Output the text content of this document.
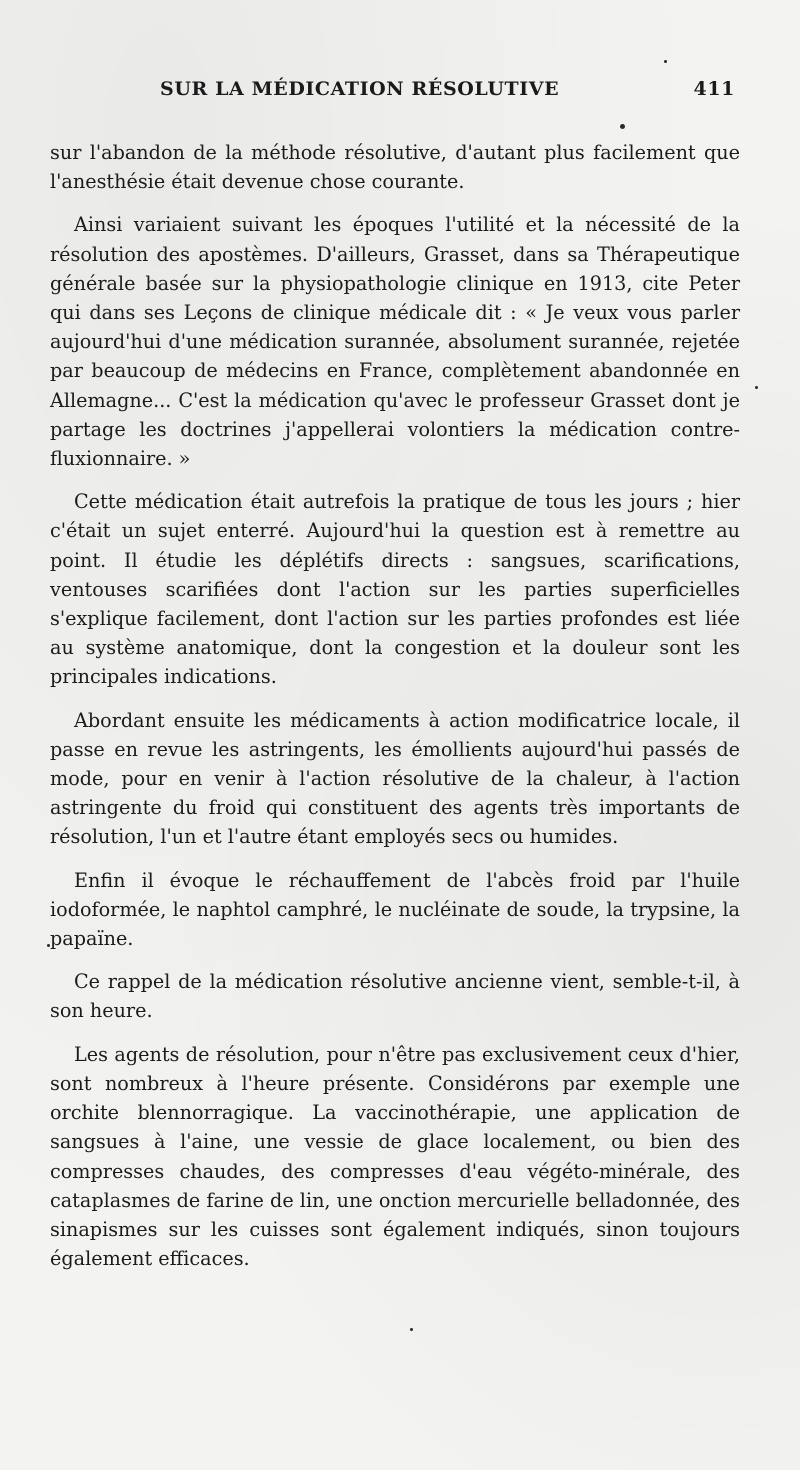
SUR LA MÉDICATION RÉSOLUTIVE	411

sur l'abandon de la méthode résolutive, d'autant plus facilement que l'anesthésie était devenue chose courante.

Ainsi variaient suivant les époques l'utilité et la nécessité de la résolution des apostèmes. D'ailleurs, Grasset, dans sa Thérapeutique générale basée sur la physiopathologie clinique en 1913, cite Peter qui dans ses Leçons de clinique médicale dit : « Je veux vous parler aujourd'hui d'une médication surannée, absolument surannée, rejetée par beaucoup de médecins en France, complètement abandonnée en Allemagne... C'est la médication qu'avec le professeur Grasset dont je partage les doctrines j'appellerai volontiers la médication contre-fluxionnaire. »

Cette médication était autrefois la pratique de tous les jours ; hier c'était un sujet enterré. Aujourd'hui la question est à remettre au point. Il étudie les déplétifs directs : sangsues, scarifications, ventouses scarifiées dont l'action sur les parties superficielles s'explique facilement, dont l'action sur les parties profondes est liée au système anatomique, dont la congestion et la douleur sont les principales indications.

Abordant ensuite les médicaments à action modificatrice locale, il passe en revue les astringents, les émollients aujourd'hui passés de mode, pour en venir à l'action résolutive de la chaleur, à l'action astringente du froid qui constituent des agents très importants de résolution, l'un et l'autre étant employés secs ou humides.

Enfin il évoque le réchauffement de l'abcès froid par l'huile iodoformée, le naphtol camphré, le nucléinate de soude, la trypsine, la papaïne.

Ce rappel de la médication résolutive ancienne vient, semble-t-il, à son heure.

Les agents de résolution, pour n'être pas exclusivement ceux d'hier, sont nombreux à l'heure présente. Considérons par exemple une orchite blennorragique. La vaccinothérapie, une application de sangsues à l'aine, une vessie de glace localement, ou bien des compresses chaudes, des compresses d'eau végéto-minérale, des cataplasmes de farine de lin, une onction mercurielle belladonnée, des sinapismes sur les cuisses sont également indiqués, sinon toujours également efficaces.
